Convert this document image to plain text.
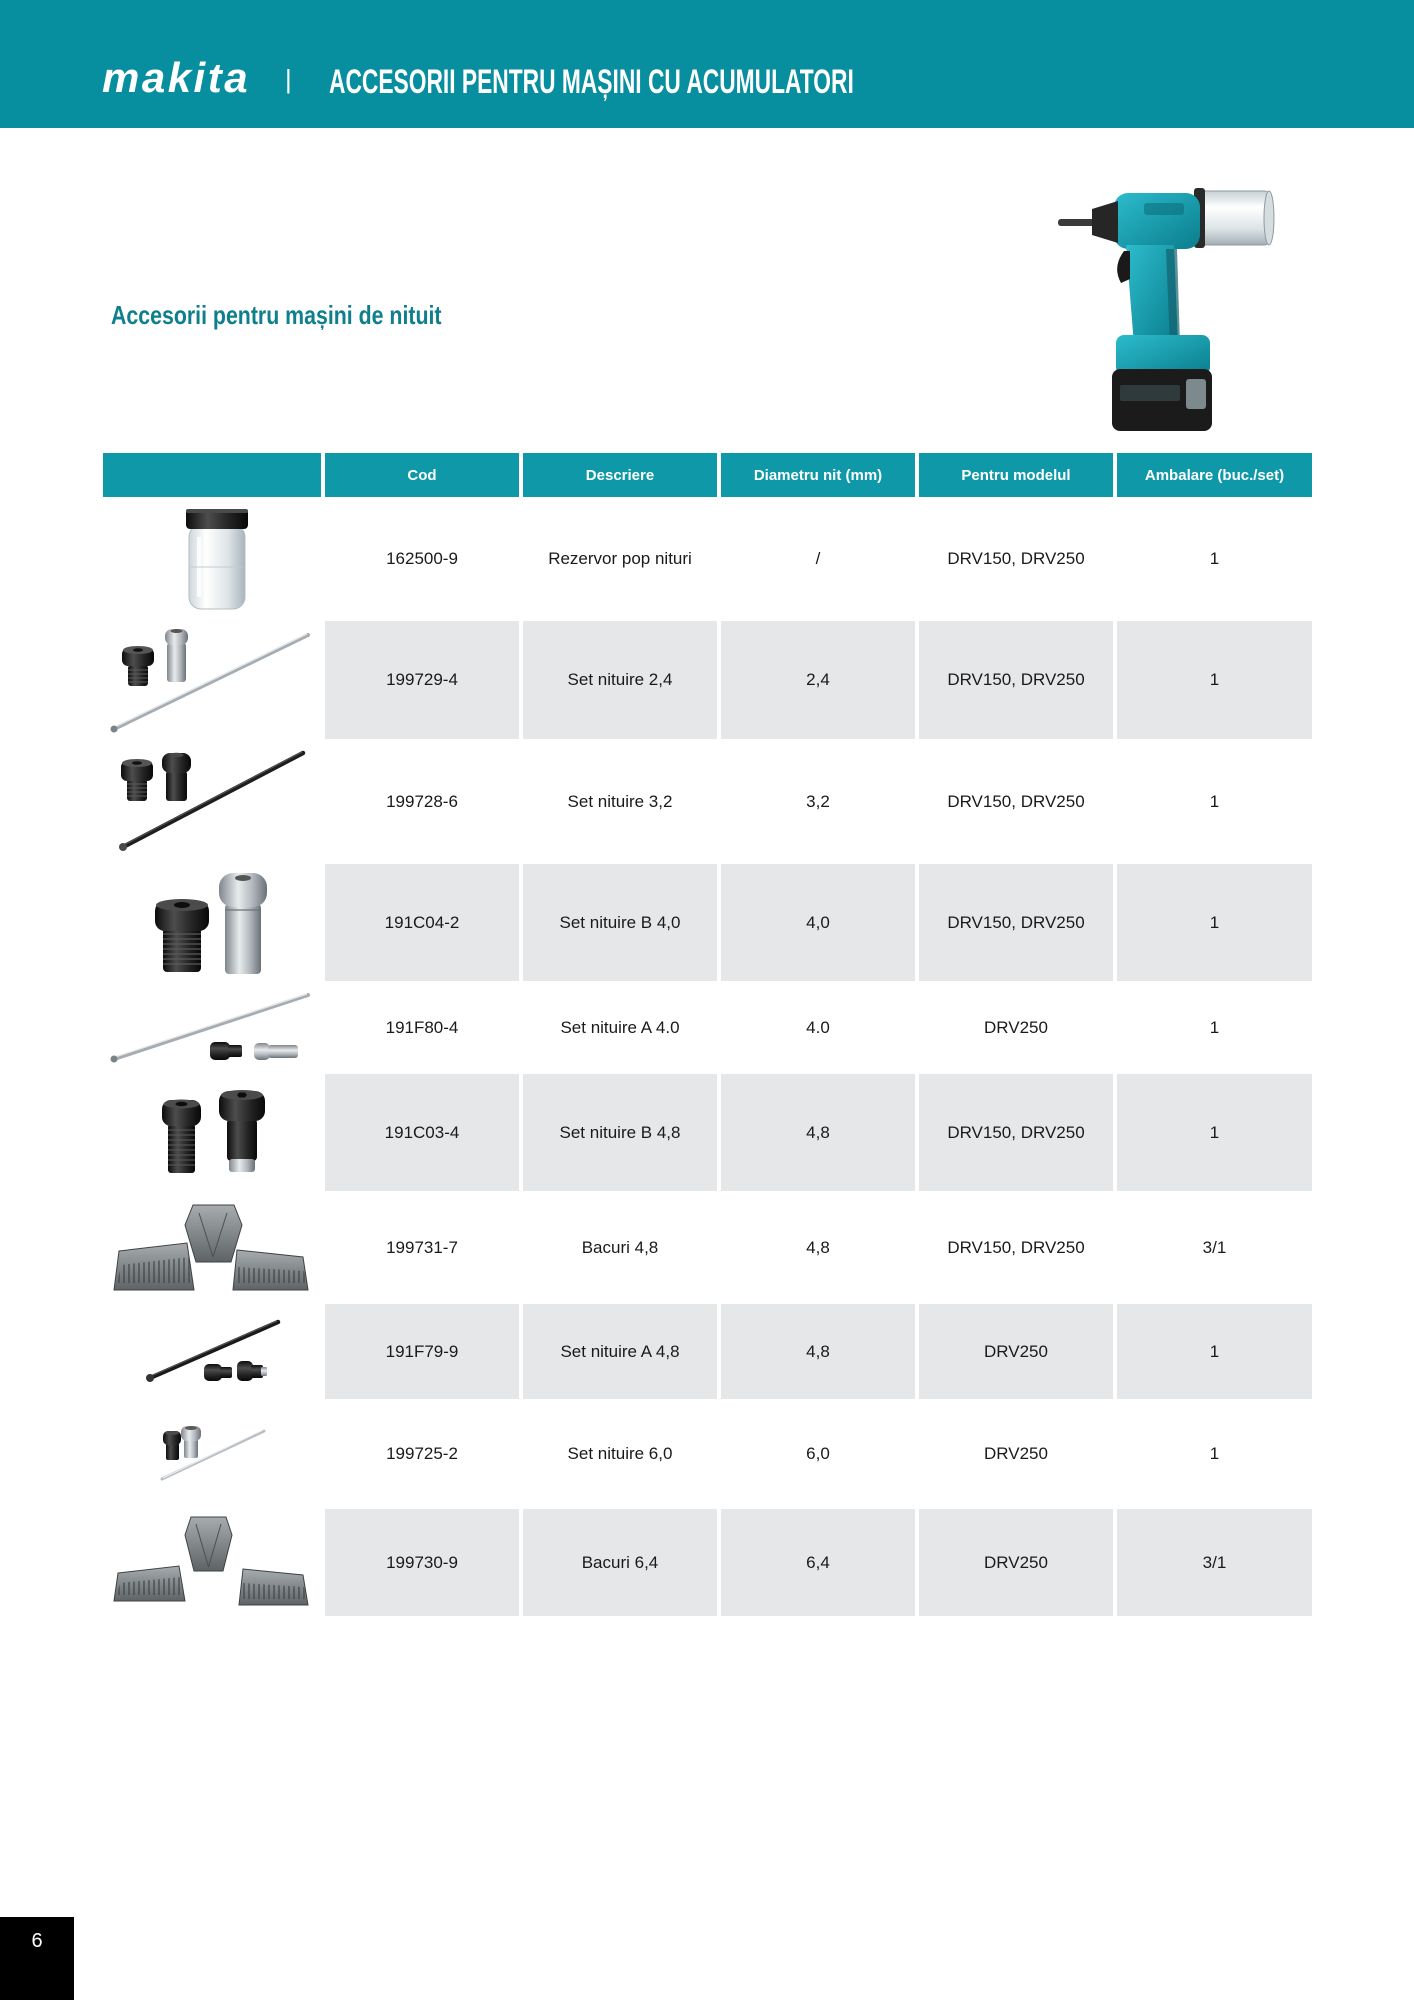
makita | ACCESORII PENTRU MAȘINI CU ACUMULATORI
Accesorii pentru mașini de nituit
Cod	Descriere	Diametru nit (mm)	Pentru modelul	Ambalare (buc./set)
162500-9	Rezervor pop nituri	/	DRV150, DRV250	1
199729-4	Set nituire 2,4	2,4	DRV150, DRV250	1
199728-6	Set nituire 3,2	3,2	DRV150, DRV250	1
191C04-2	Set nituire B 4,0	4,0	DRV150, DRV250	1
191F80-4	Set nituire A 4.0	4.0	DRV250	1
191C03-4	Set nituire B 4,8	4,8	DRV150, DRV250	1
199731-7	Bacuri 4,8	4,8	DRV150, DRV250	3/1
191F79-9	Set nituire A 4,8	4,8	DRV250	1
199725-2	Set nituire 6,0	6,0	DRV250	1
199730-9	Bacuri 6,4	6,4	DRV250	3/1
6
